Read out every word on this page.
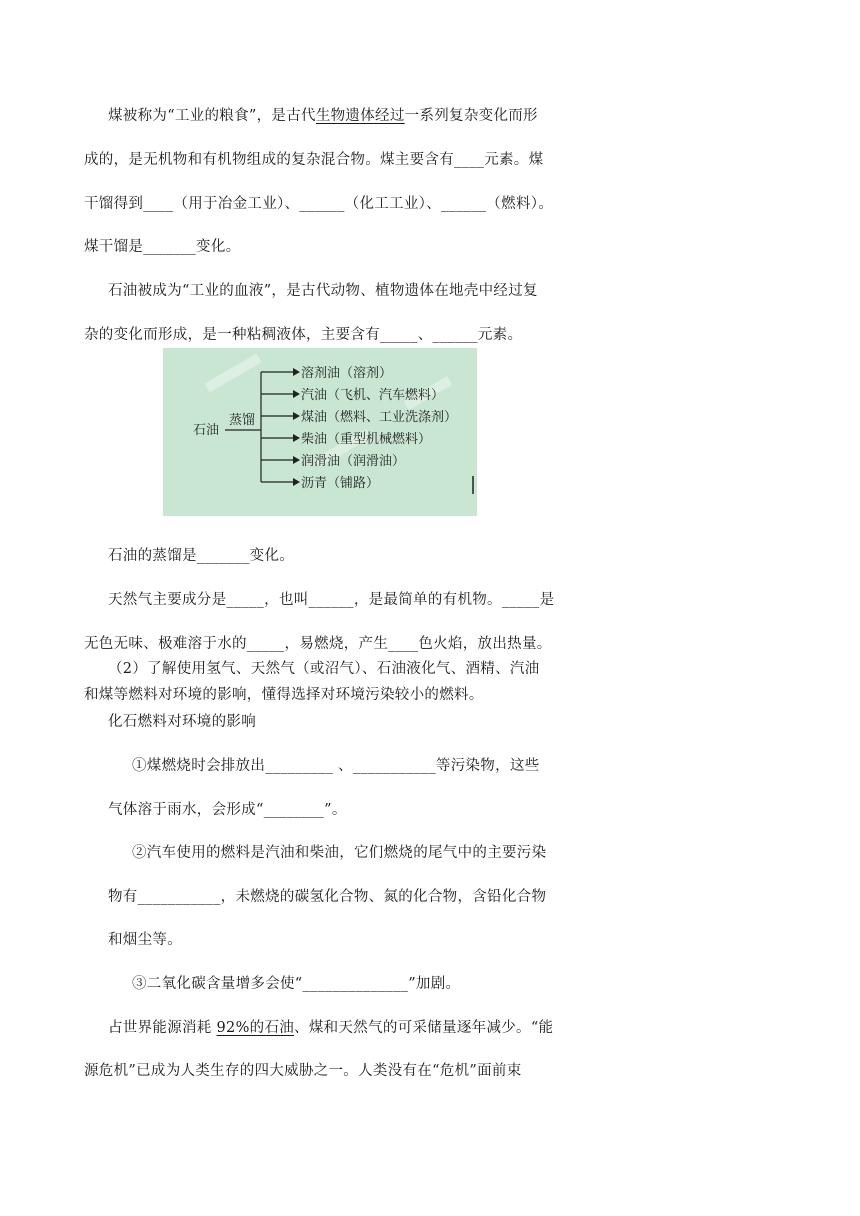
煤被称为“工业的粮食”，是古代生物遗体经过一系列复杂变化而形
成的，是无机物和有机物组成的复杂混合物。煤主要含有____元素。煤
干馏得到____（用于冶金工业）、______（化工工业）、______（燃料）。
煤干馏是_______变化。
石油被成为“工业的血液”，是古代动物、植物遗体在地壳中经过复
杂的变化而形成，是一种粘稠液体，主要含有_____、______元素。
石油
蒸馏
溶剂油（溶剂）
汽油（飞机、汽车燃料）
煤油（燃料、工业洗涤剂）
柴油（重型机械燃料）
润滑油（润滑油）
沥青（铺路）
石油的蒸馏是_______变化。
天然气主要成分是_____，也叫______，是最简单的有机物。_____是
无色无味、极难溶于水的_____，易燃烧，产生____色火焰，放出热量。
（2）了解使用氢气、天然气（或沼气）、石油液化气、酒精、汽油
和煤等燃料对环境的影响，懂得选择对环境污染较小的燃料。
化石燃料对环境的影响
①煤燃烧时会排放出_________ 、___________等污染物，这些
气体溶于雨水，会形成“________”。
②汽车使用的燃料是汽油和柴油，它们燃烧的尾气中的主要污染
物有___________，未燃烧的碳氢化合物、氮的化合物，含铅化合物
和烟尘等。
③二氧化碳含量增多会使“______________”加剧。
占世界能源消耗 92%的石油、煤和天然气的可采储量逐年减少。“能
源危机”已成为人类生存的四大威胁之一。人类没有在“危机”面前束
